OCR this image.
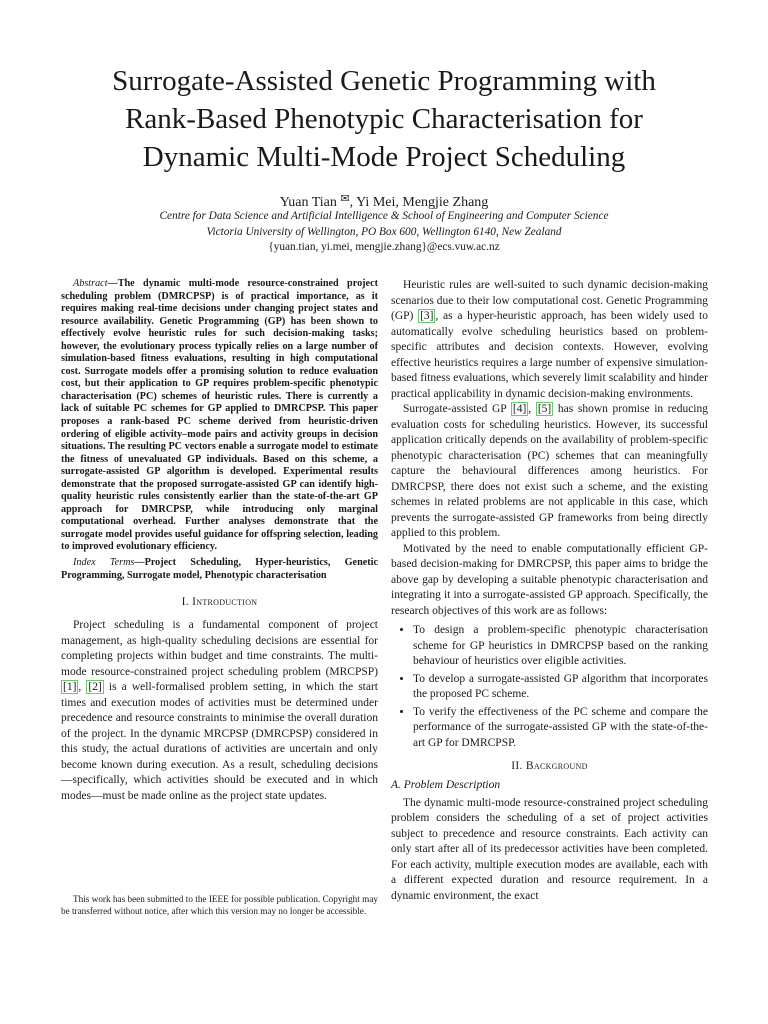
Surrogate-Assisted Genetic Programming with
Rank-Based Phenotypic Characterisation for
Dynamic Multi-Mode Project Scheduling
Yuan Tian ✉, Yi Mei, Mengjie Zhang
Centre for Data Science and Artificial Intelligence & School of Engineering and Computer Science
Victoria University of Wellington, PO Box 600, Wellington 6140, New Zealand
{yuan.tian, yi.mei, mengjie.zhang}@ecs.vuw.ac.nz

Abstract—The dynamic multi-mode resource-constrained project scheduling problem (DMRCPSP) is of practical importance, as it requires making real-time decisions under changing project states and resource availability. Genetic Programming (GP) has been shown to effectively evolve heuristic rules for such decision-making tasks; however, the evolutionary process typically relies on a large number of simulation-based fitness evaluations, resulting in high computational cost. Surrogate models offer a promising solution to reduce evaluation cost, but their application to GP requires problem-specific phenotypic characterisation (PC) schemes of heuristic rules. There is currently a lack of suitable PC schemes for GP applied to DMRCPSP. This paper proposes a rank-based PC scheme derived from heuristic-driven ordering of eligible activity–mode pairs and activity groups in decision situations. The resulting PC vectors enable a surrogate model to estimate the fitness of unevaluated GP individuals. Based on this scheme, a surrogate-assisted GP algorithm is developed. Experimental results demonstrate that the proposed surrogate-assisted GP can identify high-quality heuristic rules consistently earlier than the state-of-the-art GP approach for DMRCPSP, while introducing only marginal computational overhead. Further analyses demonstrate that the surrogate model provides useful guidance for offspring selection, leading to improved evolutionary efficiency.

Index Terms—Project Scheduling, Hyper-heuristics, Genetic Programming, Surrogate model, Phenotypic characterisation

I. Introduction

Project scheduling is a fundamental component of project management, as high-quality scheduling decisions are essential for completing projects within budget and time constraints. The multi-mode resource-constrained project scheduling problem (MRCPSP) [1] , [2] is a well-formalised problem setting, in which the start times and execution modes of activities must be determined under precedence and resource constraints to minimise the overall duration of the project. In the dynamic MRCPSP (DMRCPSP) considered in this study, the actual durations of activities are uncertain and only become known during execution. As a result, scheduling decisions—specifically, which activities should be executed and in which modes—must be made online as the project state updates.

This work has been submitted to the IEEE for possible publication. Copyright may be transferred without notice, after which this version may no longer be accessible.

Heuristic rules are well-suited to such dynamic decision-making scenarios due to their low computational cost. Genetic Programming (GP) [3] , as a hyper-heuristic approach, has been widely used to automatically evolve scheduling heuristics based on problem-specific attributes and decision contexts. However, evolving effective heuristics requires a large number of expensive simulation-based fitness evaluations, which severely limit scalability and hinder practical applicability in dynamic decision-making environments.

Surrogate-assisted GP [4] , [5] has shown promise in reducing evaluation costs for scheduling heuristics. However, its successful application critically depends on the availability of problem-specific phenotypic characterisation (PC) schemes that can meaningfully capture the behavioural differences among heuristics. For DMRCPSP, there does not exist such a scheme, and the existing schemes in related problems are not applicable in this case, which prevents the surrogate-assisted GP frameworks from being directly applied to this problem.

Motivated by the need to enable computationally efficient GP-based decision-making for DMRCPSP, this paper aims to bridge the above gap by developing a suitable phenotypic characterisation and integrating it into a surrogate-assisted GP approach. Specifically, the research objectives of this work are as follows:

• To design a problem-specific phenotypic characterisation scheme for GP heuristics in DMRCPSP based on the ranking behaviour of heuristics over eligible activities.
• To develop a surrogate-assisted GP algorithm that incorporates the proposed PC scheme.
• To verify the effectiveness of the PC scheme and compare the performance of the surrogate-assisted GP with the state-of-the-art GP for DMRCPSP.
II. Background
A. Problem Description

The dynamic multi-mode resource-constrained project scheduling problem considers the scheduling of a set of project activities subject to precedence and resource constraints. Each activity can only start after all of its predecessor activities have been completed. For each activity, multiple execution modes are available, each with a different expected duration and resource requirement. In a dynamic environment, the exact
